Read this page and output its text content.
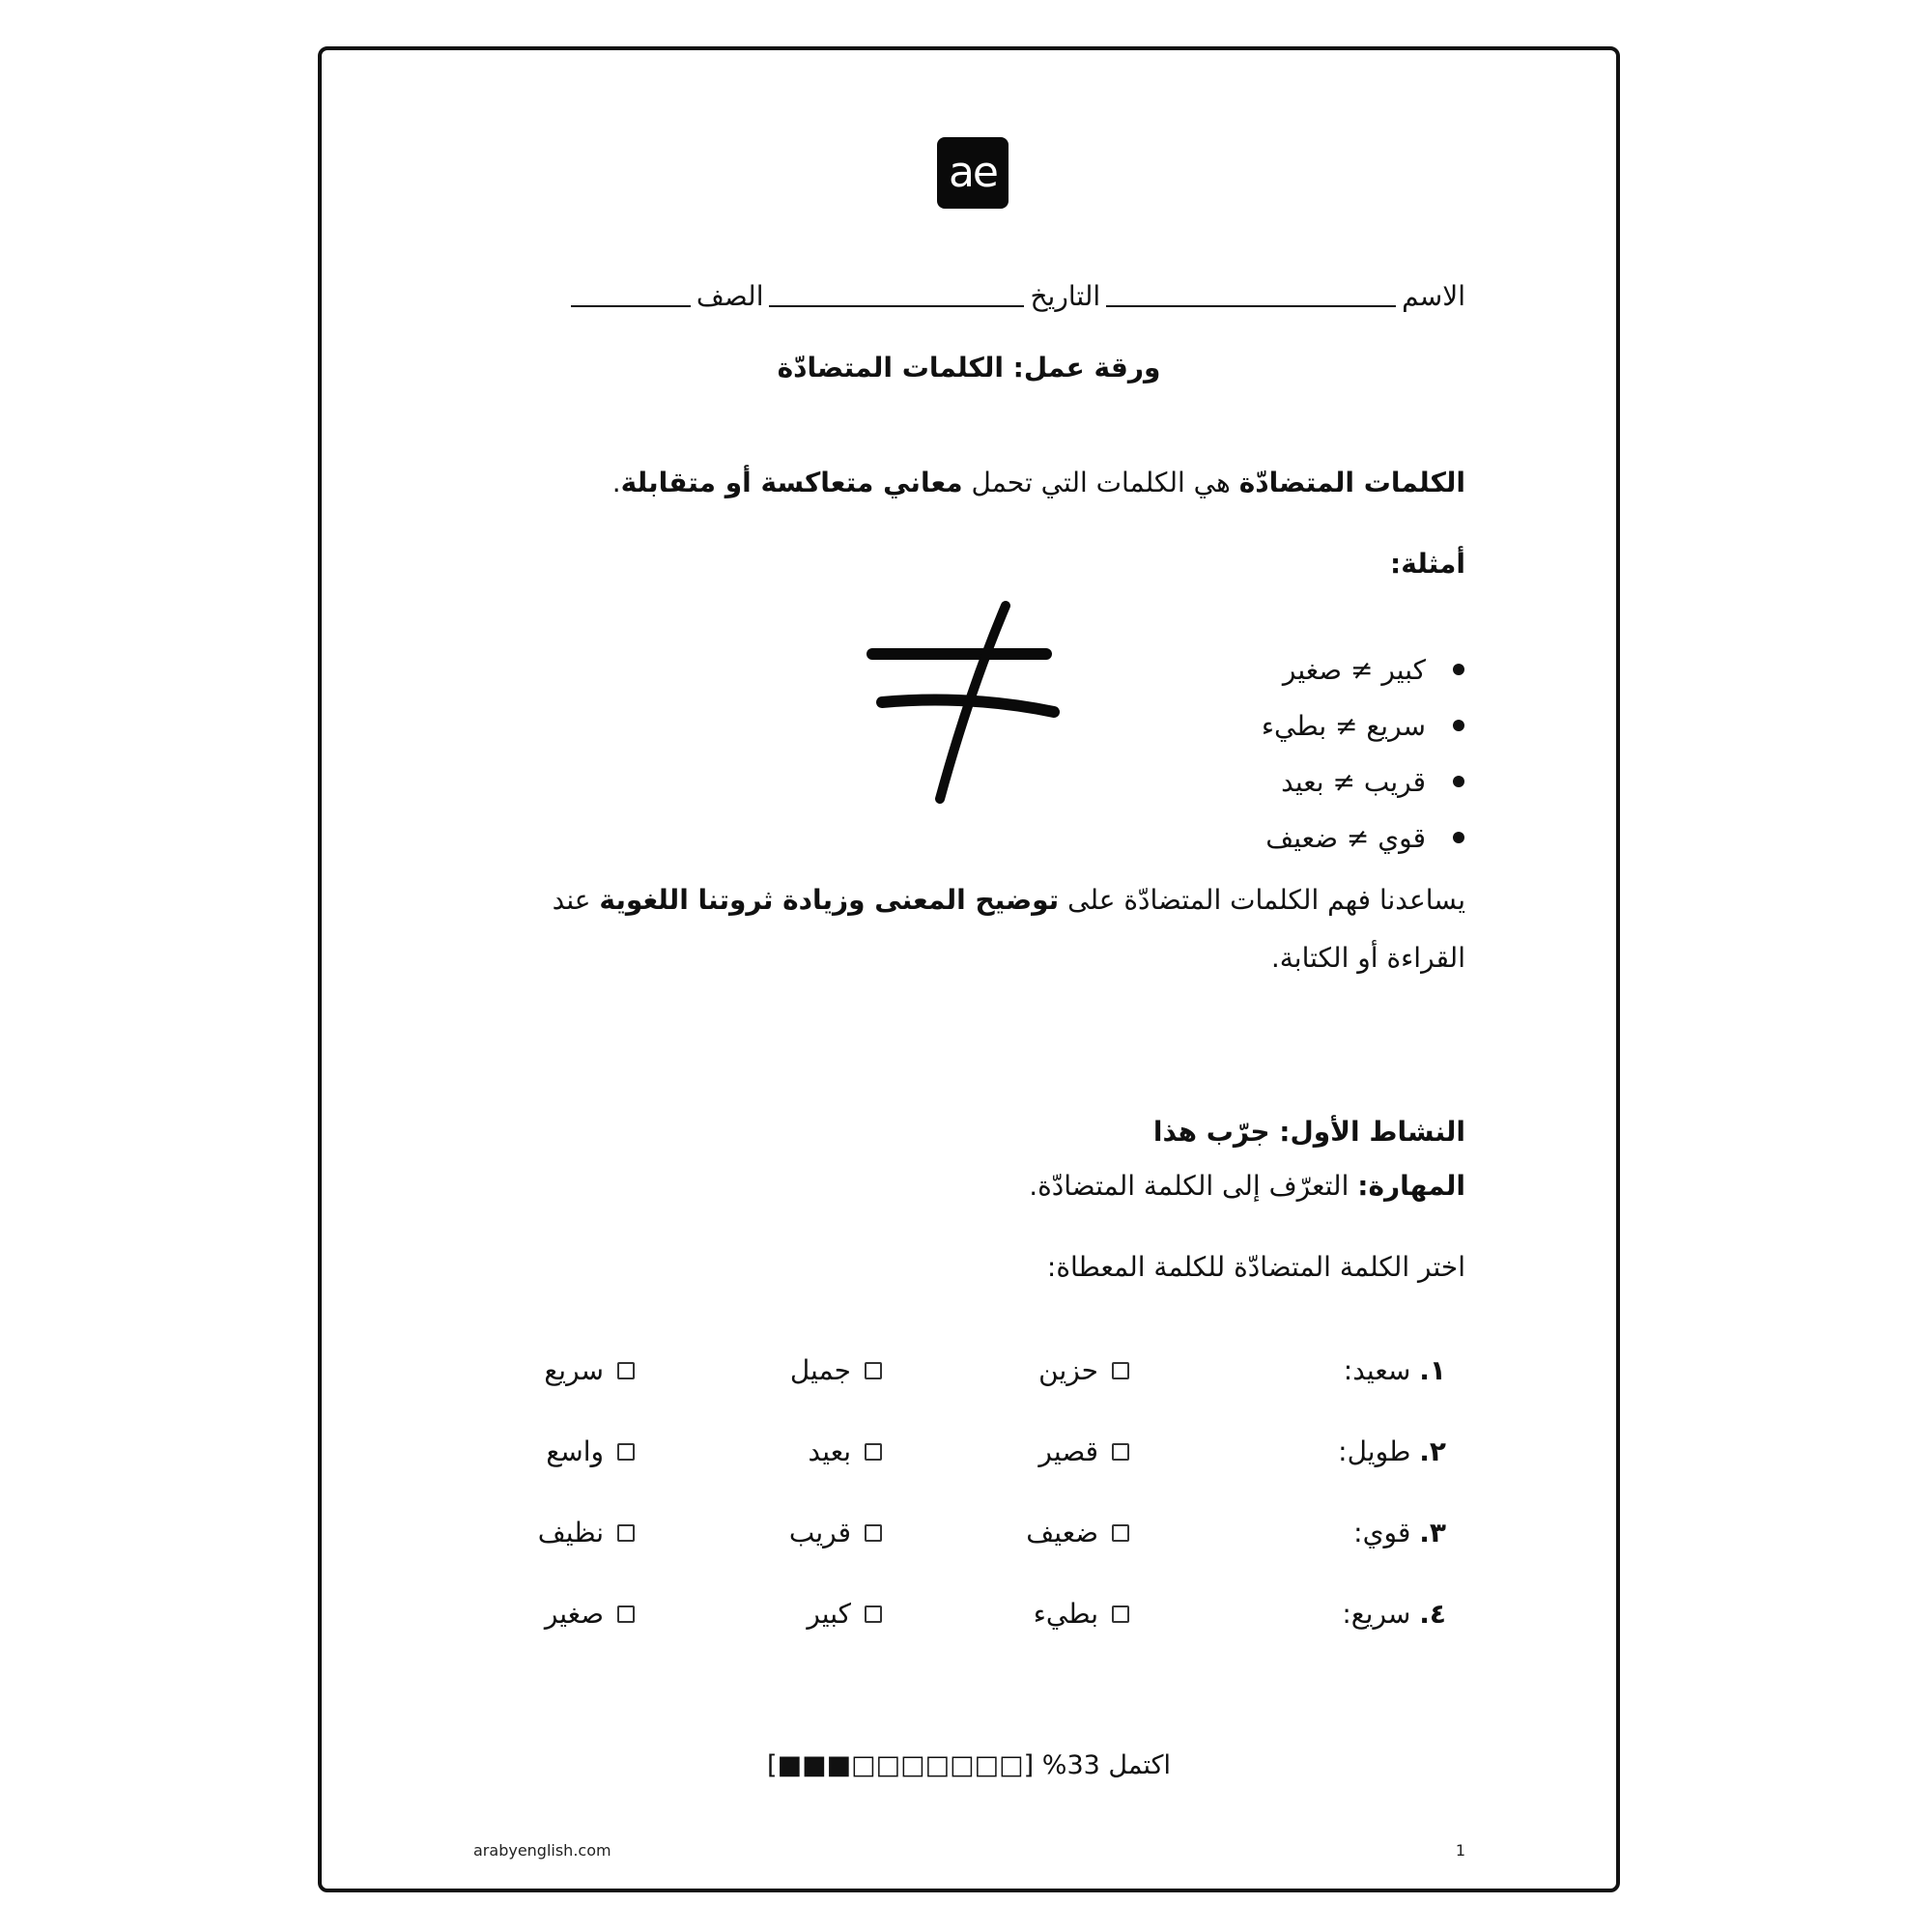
ae
الاسم
التاريخ
الصف
ورقة عمل: الكلمات المتضادّة
الكلمات المتضادّة هي الكلمات التي تحمل معاني متعاكسة أو متقابلة.
أمثلة:
كبير ≠ صغير
سريع ≠ بطيء
قريب ≠ بعيد
قوي ≠ ضعيف
يساعدنا فهم الكلمات المتضادّة على توضيح المعنى وزيادة ثروتنا اللغوية عند القراءة أو الكتابة.
النشاط الأول: جرّب هذا
المهارة: التعرّف إلى الكلمة المتضادّة.
اختر الكلمة المتضادّة للكلمة المعطاة:
١. سعيد:
حزين
جميل
سريع
٢. طويل:
قصير
بعيد
واسع
٣. قوي:
ضعيف
قريب
نظيف
٤. سريع:
بطيء
كبير
صغير
[■■■□□□□□□□] اكتمل 33%
arabyenglish.com	1
